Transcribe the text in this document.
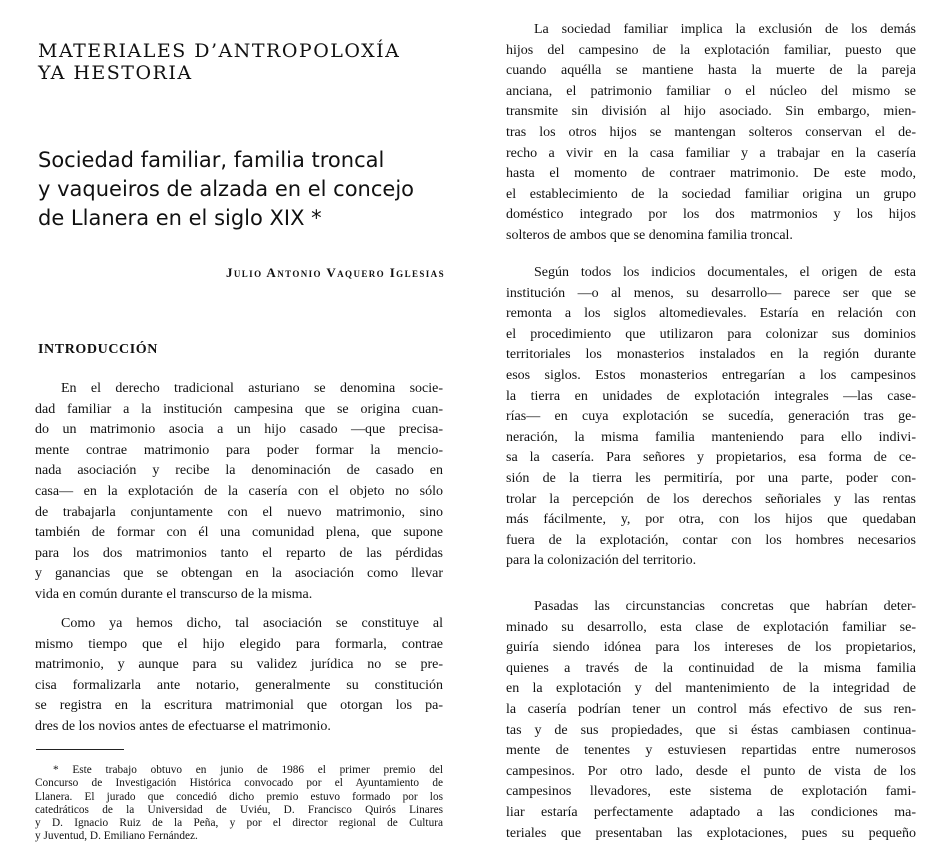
MATERIALES D’ANTROPOLOXÍA
YA HESTORIA
Sociedad familiar, familia troncal
y vaqueiros de alzada en el concejo
de Llanera en el siglo XIX *

Julio Antonio Vaquero Iglesias

INTRODUCCIÓN

En el derecho tradicional asturiano se denomina socie-
dad familiar a la institución campesina que se origina cuan-
do un matrimonio asocia a un hijo casado —que precisa-
mente contrae matrimonio para poder formar la mencio-
nada asociación y recibe la denominación de casado en
casa— en la explotación de la casería con el objeto no sólo
de trabajarla conjuntamente con el nuevo matrimonio, sino
también de formar con él una comunidad plena, que supone
para los dos matrimonios tanto el reparto de las pérdidas
y ganancias que se obtengan en la asociación como llevar
vida en común durante el transcurso de la misma.

Como ya hemos dicho, tal asociación se constituye al
mismo tiempo que el hijo elegido para formarla, contrae
matrimonio, y aunque para su validez jurídica no se pre-
cisa formalizarla ante notario, generalmente su constitución
se registra en la escritura matrimonial que otorgan los pa-
dres de los novios antes de efectuarse el matrimonio.

* Este trabajo obtuvo en junio de 1986 el primer premio del
Concurso de Investigación Histórica convocado por el Ayuntamiento de
Llanera. El jurado que concedió dicho premio estuvo formado por los
catedráticos de la Universidad de Uviéu, D. Francisco Quirós Linares
y D. Ignacio Ruiz de la Peña, y por el director regional de Cultura
y Juventud, D. Emiliano Fernández.

La sociedad familiar implica la exclusión de los demás
hijos del campesino de la explotación familiar, puesto que
cuando aquélla se mantiene hasta la muerte de la pareja
anciana, el patrimonio familiar o el núcleo del mismo se
transmite sin división al hijo asociado. Sin embargo, mien-
tras los otros hijos se mantengan solteros conservan el de-
recho a vivir en la casa familiar y a trabajar en la casería
hasta el momento de contraer matrimonio. De este modo,
el establecimiento de la sociedad familiar origina un grupo
doméstico integrado por los dos matrmonios y los hijos
solteros de ambos que se denomina familia troncal.

Según todos los indicios documentales, el origen de esta
institución —o al menos, su desarrollo— parece ser que se
remonta a los siglos altomedievales. Estaría en relación con
el procedimiento que utilizaron para colonizar sus dominios
territoriales los monasterios instalados en la región durante
esos siglos. Estos monasterios entregarían a los campesinos
la tierra en unidades de explotación integrales —las case-
rías— en cuya explotación se sucedía, generación tras ge-
neración, la misma familia manteniendo para ello indivi-
sa la casería. Para señores y propietarios, esa forma de ce-
sión de la tierra les permitiría, por una parte, poder con-
trolar la percepción de los derechos señoriales y las rentas
más fácilmente, y, por otra, con los hijos que quedaban
fuera de la explotación, contar con los hombres necesarios
para la colonización del territorio.

Pasadas las circunstancias concretas que habrían deter-
minado su desarrollo, esta clase de explotación familiar se-
guiría siendo idónea para los intereses de los propietarios,
quienes a través de la continuidad de la misma familia
en la explotación y del mantenimiento de la integridad de
la casería podrían tener un control más efectivo de sus ren-
tas y de sus propiedades, que si éstas cambiasen continua-
mente de tenentes y estuviesen repartidas entre numerosos
campesinos. Por otro lado, desde el punto de vista de los
campesinos llevadores, este sistema de explotación fami-
liar estaría perfectamente adaptado a las condiciones ma-
teriales que presentaban las explotaciones, pues su pequeño
